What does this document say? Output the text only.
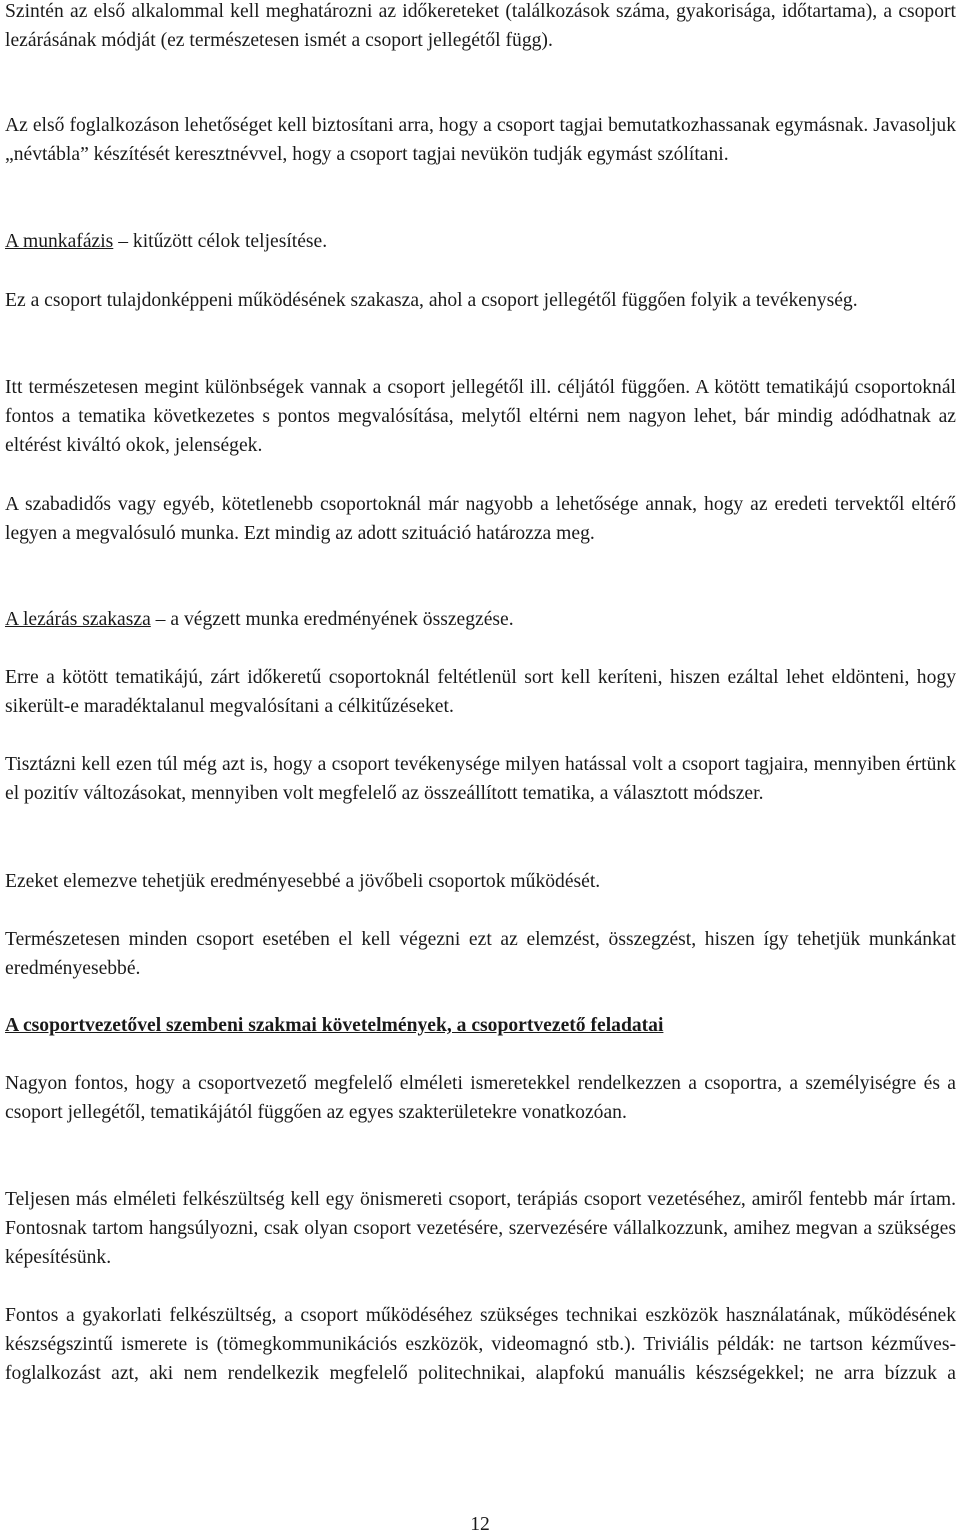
Szintén az első alkalommal kell meghatározni az időkereteket (találkozások száma, gyakorisága, időtartama), a csoport lezárásának módját (ez természetesen ismét a csoport jellegétől függ).

Az első foglalkozáson lehetőséget kell biztosítani arra, hogy a csoport tagjai bemutatkozhassanak egymásnak. Javasoljuk „névtábla” készítését keresztnévvel, hogy a csoport tagjai nevükön tudják egymást szólítani.

A munkafázis – kitűzött célok teljesítése.

Ez a csoport tulajdonképpeni működésének szakasza, ahol a csoport jellegétől függően folyik a tevékenység.

Itt természetesen megint különbségek vannak a csoport jellegétől ill. céljától függően. A kötött tematikájú csoportoknál fontos a tematika következetes s pontos megvalósítása, melytől eltérni nem nagyon lehet, bár mindig adódhatnak az eltérést kiváltó okok, jelenségek.

A szabadidős vagy egyéb, kötetlenebb csoportoknál már nagyobb a lehetősége annak, hogy az eredeti tervektől eltérő legyen a megvalósuló munka. Ezt mindig az adott szituáció határozza meg.

A lezárás szakasza – a végzett munka eredményének összegzése.

Erre a kötött tematikájú, zárt időkeretű csoportoknál feltétlenül sort kell keríteni, hiszen ezáltal lehet eldönteni, hogy sikerült-e maradéktalanul megvalósítani a célkitűzéseket.

Tisztázni kell ezen túl még azt is, hogy a csoport tevékenysége milyen hatással volt a csoport tagjaira, mennyiben értünk el pozitív változásokat, mennyiben volt megfelelő az összeállított tematika, a választott módszer.

Ezeket elemezve tehetjük eredményesebbé a jövőbeli csoportok működését.

Természetesen minden csoport esetében el kell végezni ezt az elemzést, összegzést, hiszen így tehetjük munkánkat eredményesebbé.

A csoportvezetővel szembeni szakmai követelmények, a csoportvezető feladatai

Nagyon fontos, hogy a csoportvezető megfelelő elméleti ismeretekkel rendelkezzen a csoportra, a személyiségre és a csoport jellegétől, tematikájától függően az egyes szakterületekre vonatkozóan.

Teljesen más elméleti felkészültség kell egy önismereti csoport, terápiás csoport vezetéséhez, amiről fentebb már írtam. Fontosnak tartom hangsúlyozni, csak olyan csoport vezetésére, szervezésére vállalkozzunk, amihez megvan a szükséges képesítésünk.

Fontos a gyakorlati felkészültség, a csoport működéséhez szükséges technikai eszközök használatának, működésének készségszintű ismerete is (tömegkommunikációs eszközök, videomagnó stb.). Triviális példák: ne tartson kézműves-foglalkozást azt, aki nem rendelkezik megfelelő politechnikai, alapfokú manuális készségekkel; ne arra bízzuk a

12
